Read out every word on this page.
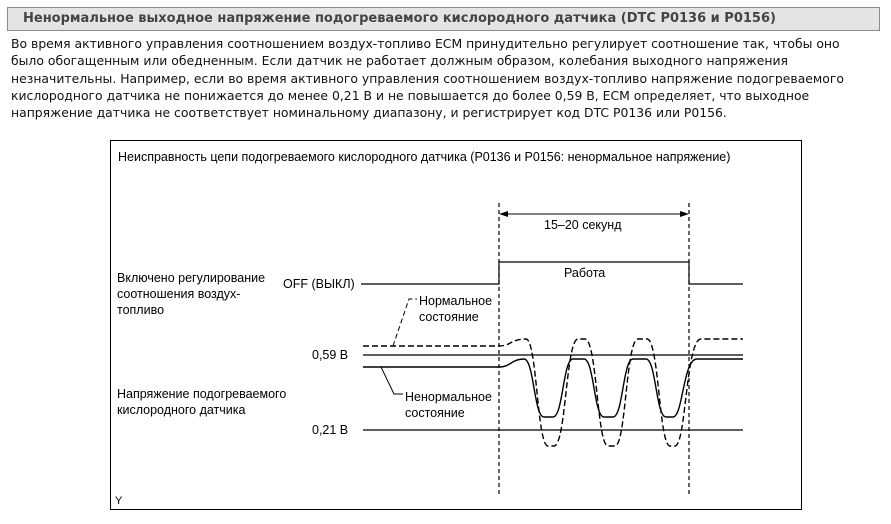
Ненормальное выходное напряжение подогреваемого кислородного датчика (DTC P0136 и P0156)
Во время активного управления соотношением воздух-топливо ECM принудительно регулирует соотношение так, чтобы оно
было обогащенным или обедненным. Если датчик не работает должным образом, колебания выходного напряжения
незначительны. Например, если во время активного управления соотношением воздух-топливо напряжение подогреваемого
кислородного датчика не понижается до менее 0,21 В и не повышается до более 0,59 В, ECM определяет, что выходное
напряжение датчика не соответствует номинальному диапазону, и регистрирует код DTC P0136 или P0156.
Неисправность цепи подогреваемого кислородного датчика (P0136 и P0156: ненормальное напряжение)
15–20 секунд
Работа
Включено регулирование
соотношения воздух-
топливо
OFF (ВЫКЛ)
Нормальное
состояние
0,59 В
Напряжение подогреваемого
кислородного датчика
Ненормальное
состояние
0,21 В
Y
